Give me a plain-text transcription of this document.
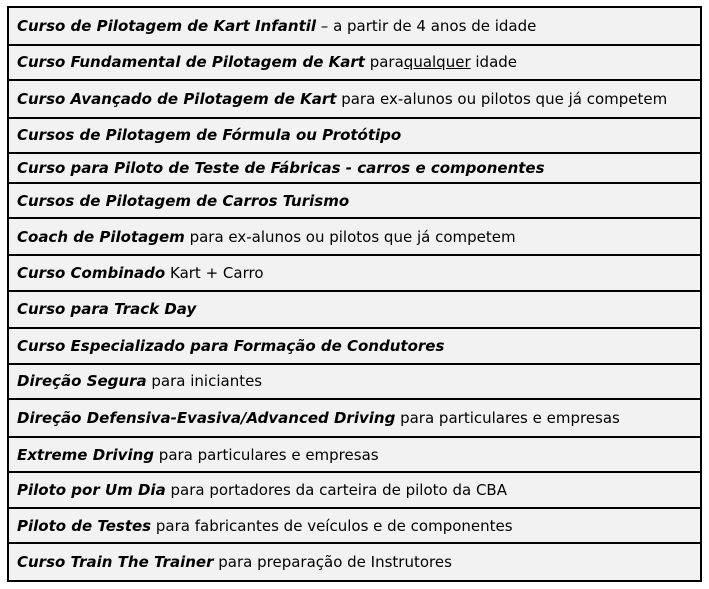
Curso de Pilotagem de Kart Infantil – a partir de 4 anos de idade
Curso Fundamental de Pilotagem de Kart
para qualquer idade
Curso Avançado de Pilotagem de Kart
para ex-alunos ou pilotos que já competem
Cursos de Pilotagem de Fórmula ou Protótipo
Curso para Piloto de Teste de Fábricas - carros e componentes
Cursos de Pilotagem de Carros Turismo
Coach de Pilotagem
para ex-alunos ou pilotos que já competem
Curso Combinado
Kart + Carro
Curso para Track Day
Curso Especializado para Formação de Condutores
Direção Segura
para iniciantes
Direção Defensiva-Evasiva/Advanced Driving
para particulares e empresas
Extreme Driving
para particulares e empresas
Piloto por Um Dia
para portadores da carteira de piloto da CBA
Piloto de Testes
para fabricantes de veículos e de componentes
Curso Train The Trainer
para preparação de Instrutores
